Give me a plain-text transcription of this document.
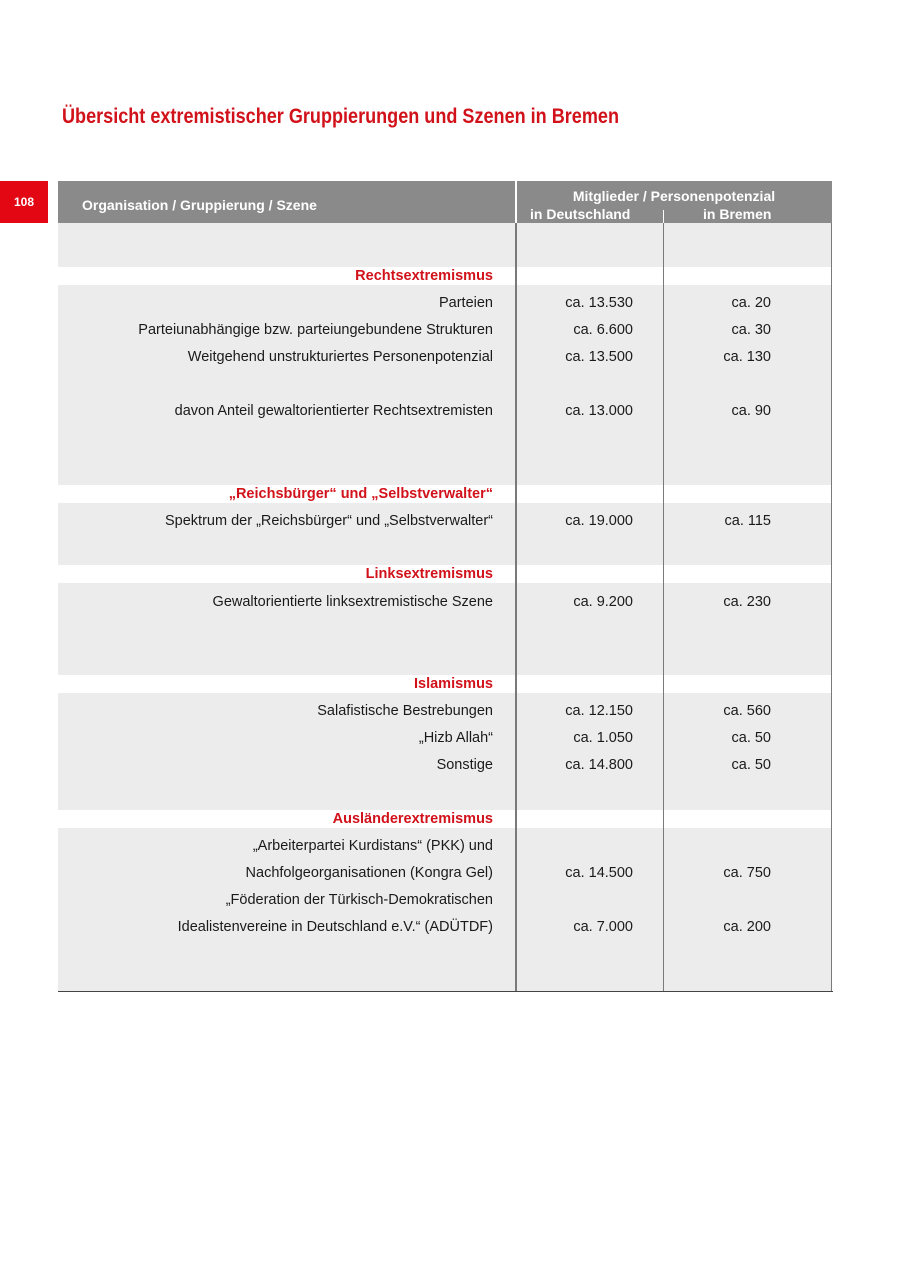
Übersicht extremistischer Gruppierungen und Szenen in Bremen
108	Organisation / Gruppierung / Szene
Mitglieder / Personenpotenzial
in Deutschland	in Bremen
Rechtsextremismus
Parteien	ca. 13.530	ca. 20
Parteiunabhängige bzw. parteiungebundene Strukturen	ca. 6.600	ca. 30
Weitgehend unstrukturiertes Personenpotenzial	ca. 13.500	ca. 130
davon Anteil gewaltorientierter Rechtsextremisten	ca. 13.000	ca. 90
„Reichsbürger“ und „Selbstverwalter“
Spektrum der „Reichsbürger“ und „Selbstverwalter“	ca. 19.000	ca. 115
Linksextremismus
Gewaltorientierte linksextremistische Szene	ca. 9.200	ca. 230
Islamismus
Salafistische Bestrebungen	ca. 12.150	ca. 560
„Hizb Allah“	ca. 1.050	ca. 50
Sonstige	ca. 14.800	ca. 50
Ausländerextremismus
„Arbeiterpartei Kurdistans“ (PKK) und
Nachfolgeorganisationen (Kongra Gel)	ca. 14.500	ca. 750
„Föderation der Türkisch-Demokratischen
Idealistenvereine in Deutschland e.V.“ (ADÜTDF)	ca. 7.000	ca. 200
